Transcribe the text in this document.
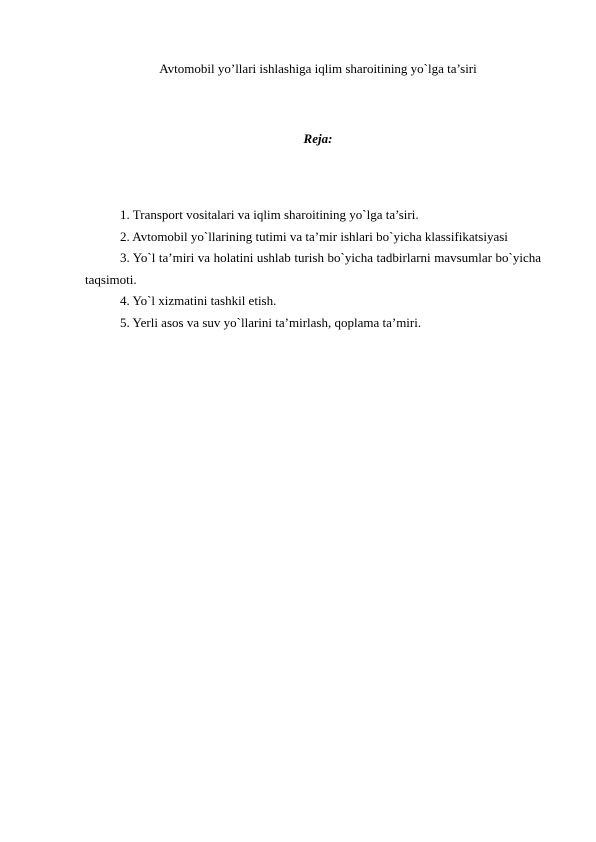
Avtomobil yo’llari ishlashiga iqlim sharoitining yo`lga ta’siri
Reja:

1. Transport vositalari va iqlim sharoitining yo`lga ta’siri.

2. Avtomobil yo`llarining tutimi va ta’mir ishlari bo`yicha klassifikatsiyasi

3. Yo`l ta’miri va holatini ushlab turish bo`yicha tadbirlarni mavsumlar bo`yicha taqsimoti.

4. Yo`l xizmatini tashkil etish.

5. Yerli asos va suv yo`llarini ta’mirlash, qoplama ta’miri.
